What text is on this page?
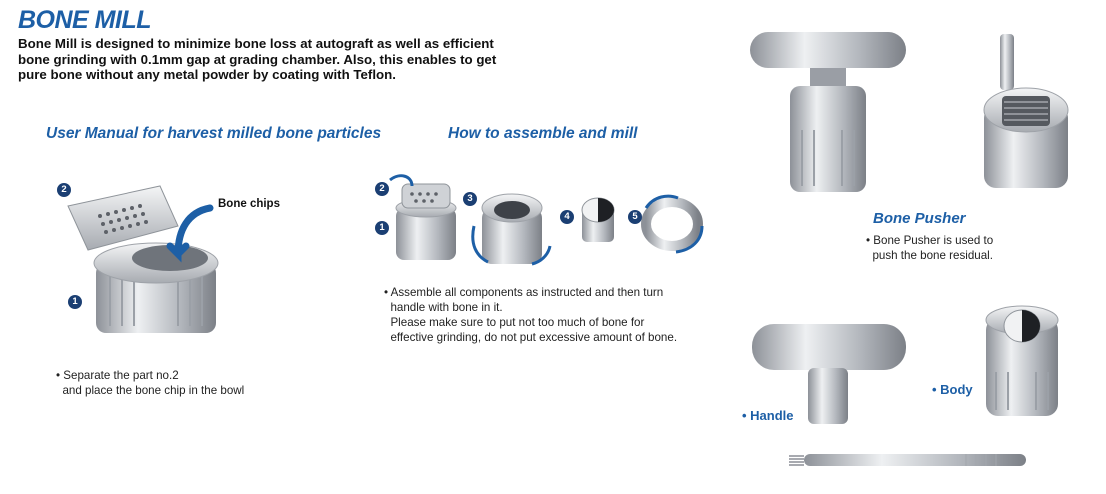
BONE MILL
Bone Mill is designed to minimize bone loss at autograft as well as efficient
bone grinding with 0.1mm gap at grading chamber. Also, this enables to get
pure bone without any metal powder by coating with Teflon.
User Manual for harvest milled bone particles
2
1
Bone chips
• Separate the part no.2
and place the bone chip in the bowl
How to assemble and mill
2
1
3
4	5
• Assemble all components as instructed and then turn
handle with bone in it.
Please make sure to put not too much of bone for
effective grinding, do not put excessive amount of bone.
Bone Pusher
• Bone Pusher is used to
push the bone residual.
• Handle
• Body
